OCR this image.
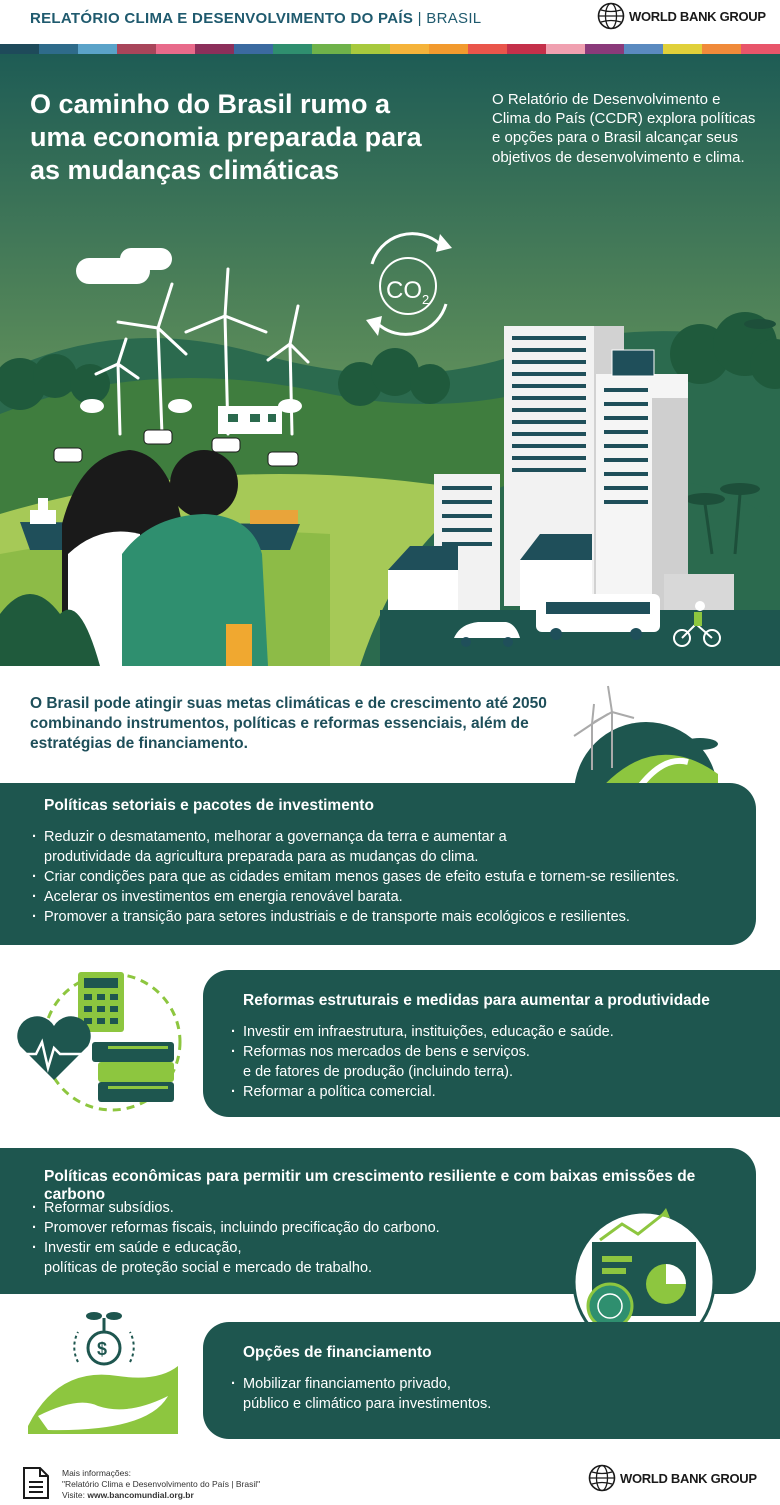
RELATÓRIO CLIMA E DESENVOLVIMENTO DO PAÍS | BRASIL	WORLD BANK GROUP
$CO_2$
O caminho do Brasil rumo a uma economia preparada para as mudanças climáticas
O Relatório de Desenvolvimento e Clima do País (CCDR) explora políticas e opções para o Brasil alcançar seus objetivos de desenvolvimento e clima.
O Brasil pode atingir suas metas climáticas e de crescimento até 2050 combinando instrumentos, políticas e reformas essenciais, além de estratégias de financiamento.
Políticas setoriais e pacotes de investimento
· Reduzir o desmatamento, melhorar a governança da terra e aumentar a
produtividade da agricultura preparada para as mudanças do clima.
· Criar condições para que as cidades emitam menos gases de efeito estufa e tornem-se resilientes.
· Acelerar os investimentos em energia renovável barata.
· Promover a transição para setores industriais e de transporte mais ecológicos e resilientes.
Reformas estruturais e medidas para aumentar a produtividade
· Investir em infraestrutura, instituições, educação e saúde.
· Reformas nos mercados de bens e serviços.
e de fatores de produção (incluindo terra).
· Reformar a política comercial.
Políticas econômicas para permitir um crescimento resiliente e com baixas emissões de carbono
· Reformar subsídios.
· Promover reformas fiscais, incluindo precificação do carbono.
· Investir em saúde e educação,
políticas de proteção social e mercado de trabalho.
$	Opções de financiamento
· Mobilizar financiamento privado,
público e climático para investimentos.
Mais informações:
"Relatório Clima e Desenvolvimento do País | Brasil"
Visite: www.bancomundial.org.br
WORLD BANK GROUP
